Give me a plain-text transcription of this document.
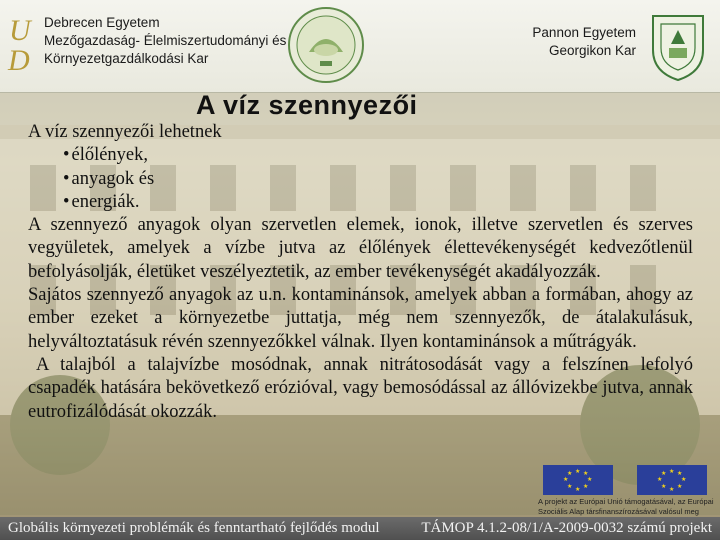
U
D
Debrecen Egyetem
Mezőgazdaság- Élelmiszertudományi és
Környezetgazdálkodási Kar
Pannon Egyetem
Georgikon Kar
A víz szennyezői

A víz szennyezői lehetnek

• élőlények,
• anyagok és
• energiák.

A szennyező anyagok olyan szervetlen elemek, ionok, illetve szervetlen és szerves vegyületek, amelyek a vízbe jutva az élőlények élettevékenységét kedvezőtlenül befolyásolják, életüket veszélyeztetik, az ember tevékenységét akadályozzák.

Sajátos szennyező anyagok az u.n. kontaminánsok, amelyek abban a formában, ahogy az ember ezeket a környezetbe juttatja, még nem szennyezők, de átalakulásuk, helyváltoztatásuk révén szennyezőkkel válnak. Ilyen kontaminánsok a műtrágyák.

A talajból a talajvízbe mosódnak, annak nitrátosodását vagy a felszínen lefolyó csapadék hatására bekövetkező erózióval, vagy bemosódással az állóvizekbe jutva, annak eutrofizálódását okozzák.

★ ★
★
★
★
★
★
★	★ ★
★
★
★
★
★
★
A projekt az Európai Unió támogatásával, az Európai
Szociális Alap társfinanszírozásával valósul meg
Globális környezeti problémák és fenntartható fejlődés modul	TÁMOP 4.1.2-08/1/A-2009-0032 számú projekt
